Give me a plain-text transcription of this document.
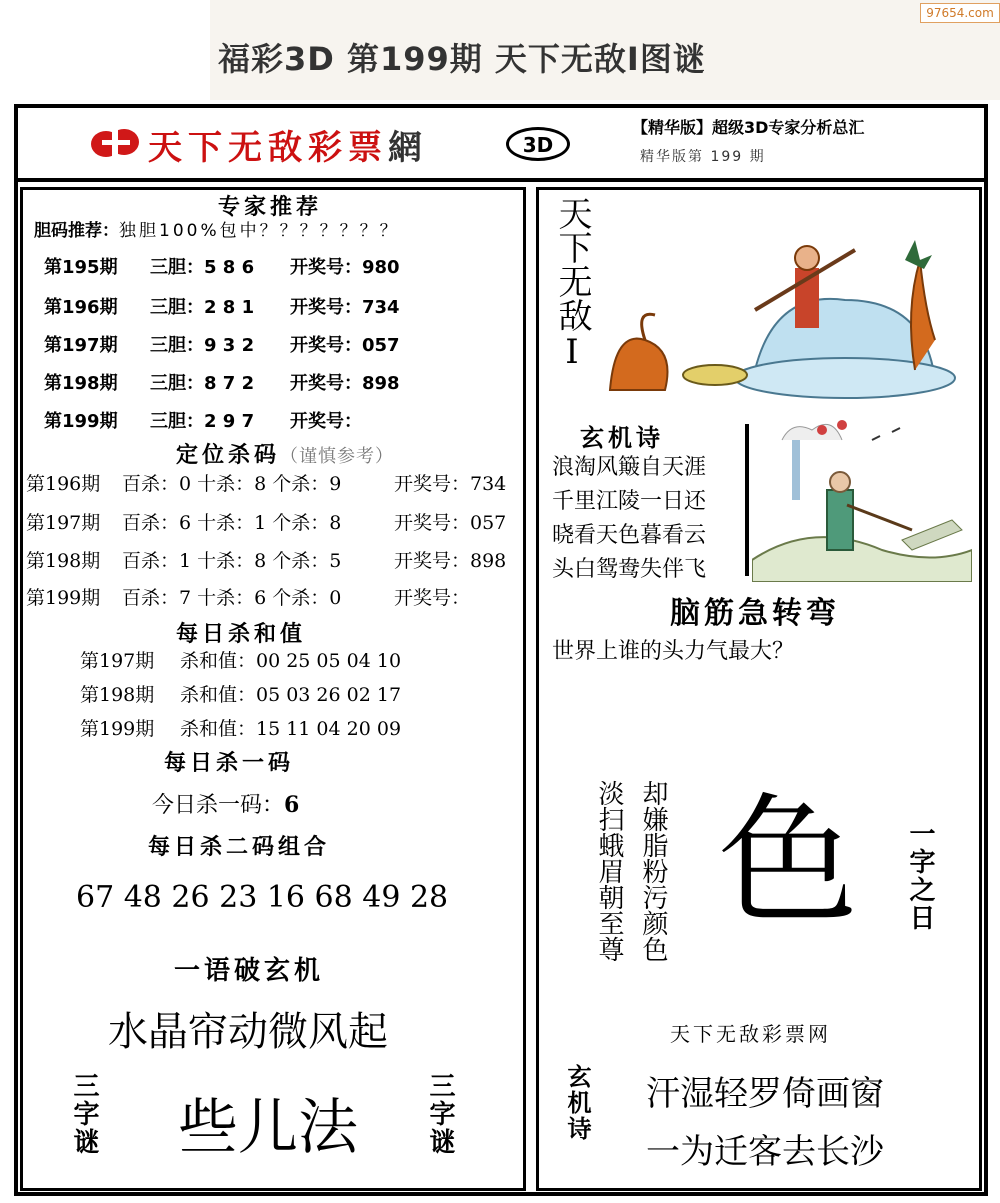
福彩3D 第199期 天下无敌Ⅰ图谜
97654.com
天下无敌彩票網	3D
【精华版】超级3D专家分析总汇
精华版第 199 期
专家推荐
胆码推荐：独胆100%包中？？？？？？？
第195期 三胆：5 8 6 开奖号：980
第196期 三胆：2 8 1 开奖号：734
第197期 三胆：9 3 2 开奖号：057
第198期 三胆：8 7 2 开奖号：898
第199期 三胆：2 9 7 开奖号：
定位杀码（谨慎参考）
第196期 百杀：0 十杀：8 个杀：9	开奖号：734
第197期 百杀：6 十杀：1 个杀：8	开奖号：057
第198期 百杀：1 十杀：8 个杀：5	开奖号：898
第199期 百杀：7 十杀：6 个杀：0	开奖号：
每日杀和值
第197期 杀和值：00 25 05 04 10
第198期 杀和值：05 03 26 02 17
第199期 杀和值：15 11 04 20 09
每日杀一码
今日杀一码：6
每日杀二码组合
67 48 26 23 16 68 49 28
一语破玄机
水晶帘动微风起
三字谜 些儿法	三字谜
天下无敌Ⅰ
玄机诗
浪淘风簸自天涯
千里江陵一日还
晓看天色暮看云
头白鸳鸯失伴飞
脑筋急转弯
世界上谁的头力气最大？
却嫌脂粉污颜色
淡扫蛾眉朝至尊 色 一字之日
天下无敌彩票网
玄机诗 汗湿轻罗倚画窗
一为迁客去长沙
